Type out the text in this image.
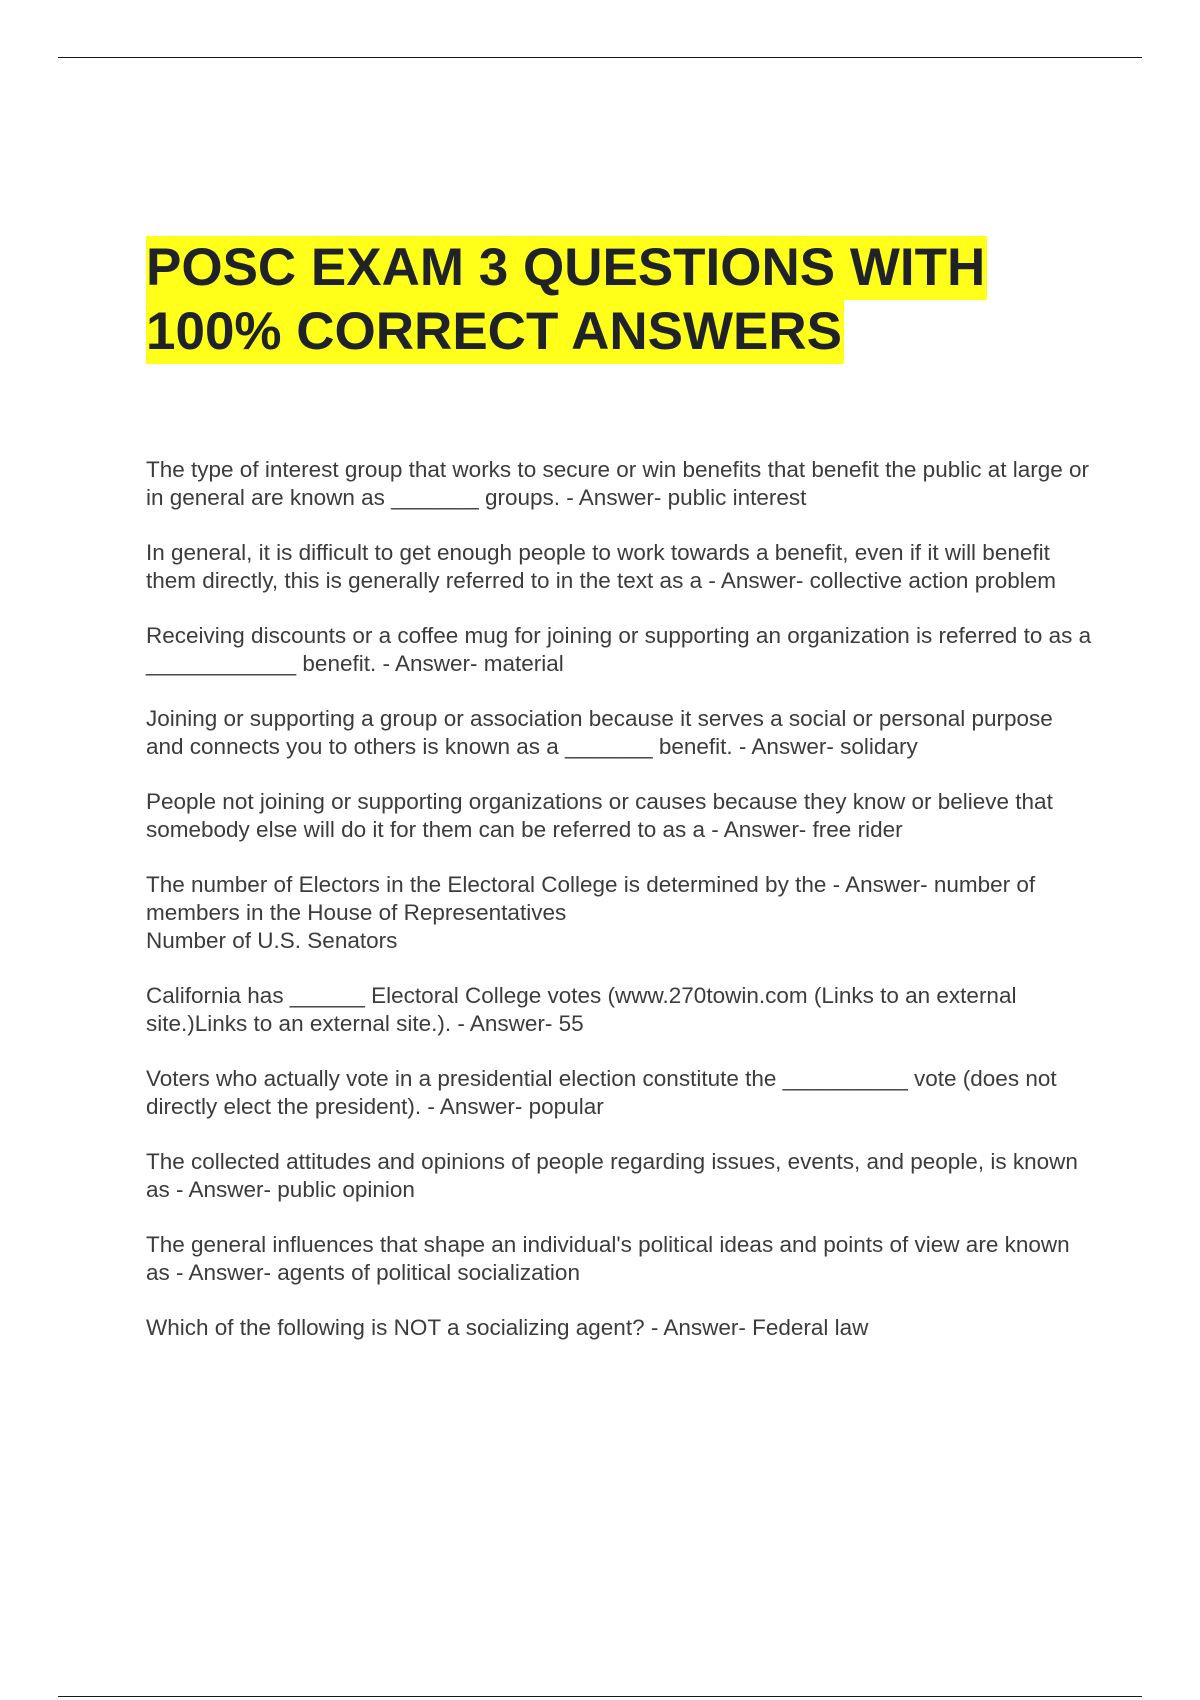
POSC EXAM 3 QUESTIONS WITH
100% CORRECT ANSWERS
The type of interest group that works to secure or win benefits that benefit the public at large or in general are known as _______ groups. - Answer- public interest
In general, it is difficult to get enough people to work towards a benefit, even if it will benefit them directly, this is generally referred to in the text as a - Answer- collective action problem
Receiving discounts or a coffee mug for joining or supporting an organization is referred to as a ____________ benefit. - Answer- material
Joining or supporting a group or association because it serves a social or personal purpose and connects you to others is known as a _______ benefit. - Answer- solidary
People not joining or supporting organizations or causes because they know or believe that somebody else will do it for them can be referred to as a - Answer- free rider
The number of Electors in the Electoral College is determined by the - Answer- number of members in the House of Representatives
Number of U.S. Senators
California has ______ Electoral College votes (www.270towin.com (Links to an external site.)Links to an external site.). - Answer- 55
Voters who actually vote in a presidential election constitute the __________ vote (does not directly elect the president). - Answer- popular
The collected attitudes and opinions of people regarding issues, events, and people, is known as - Answer- public opinion
The general influences that shape an individual's political ideas and points of view are known as - Answer- agents of political socialization
Which of the following is NOT a socializing agent? - Answer- Federal law
